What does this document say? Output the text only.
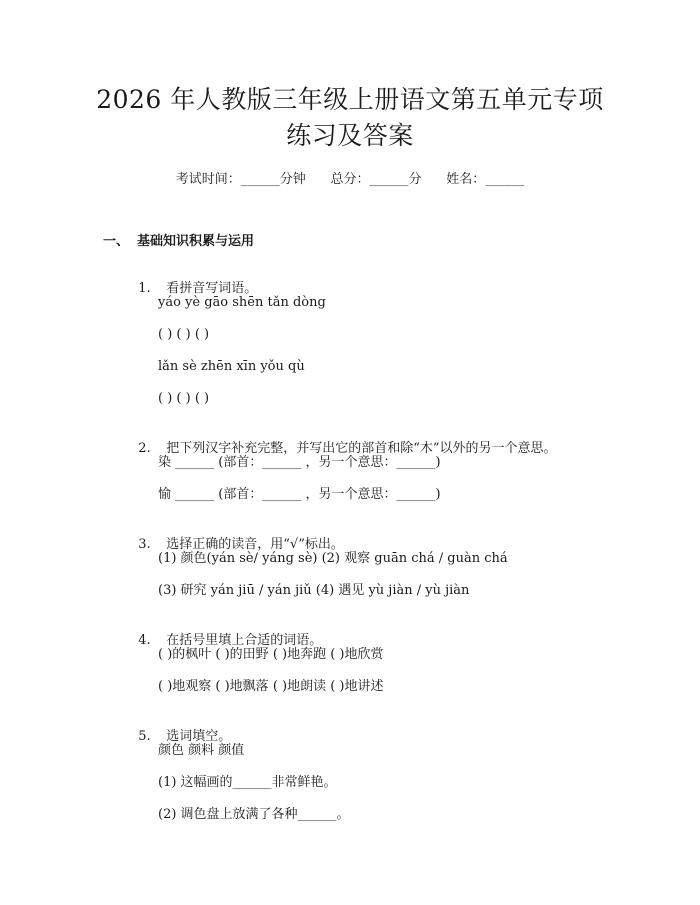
2026 年人教版三年级上册语文第五单元专项
练习及答案
考试时间：______分钟      总分：______分      姓名：______
一、 基础知识积累与运用

1. 看拼音写词语。

yáo yè gāo shēn tǎn dòng
( ) ( ) ( )
lǎn sè zhēn xīn yǒu qù
( ) ( ) ( )

2. 把下列汉字补充完整，并写出它的部首和除“木”以外的另一个意思。

染 ______ (部首：______ ，另一个意思：______)
愉 ______ (部首：______ ，另一个意思：______)

3. 选择正确的读音，用“√”标出。

(1) 颜色(yán sè/ yáng sè) (2) 观察 guān chá / guàn chá
(3) 研究 yán jiū / yán jiǔ (4) 遇见 yù jiàn / yù jiàn

4. 在括号里填上合适的词语。

( )的枫叶 ( )的田野 ( )地奔跑 ( )地欣赏
( )地观察 ( )地飘落 ( )地朗读 ( )地讲述

5. 选词填空。

颜色 颜料 颜值
(1) 这幅画的______非常鲜艳。
(2) 调色盘上放满了各种______。
